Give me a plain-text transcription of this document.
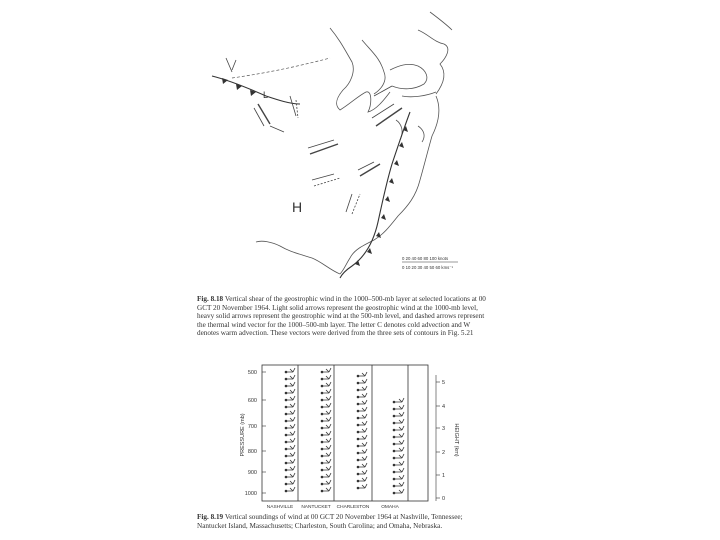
H
L
0 20 40 60 80 100 knots
0 10 20 30 40 50 60 kms⁻¹
Fig. 8.18 Vertical shear of the geostrophic wind in the 1000–500-mb layer at selected locations at 00 GCT 20 November 1964. Light solid arrows represent the geostrophic wind at the 1000-mb level, heavy solid arrows represent the geostrophic wind at the 500-mb level, and dashed arrows represent the thermal wind vector for the 1000–500-mb layer. The letter C denotes cold advection and W denotes warm advection. These vectors were derived from the three sets of contours in Fig. 5.21
500
600
700
800
900
1000
PRESSURE (mb)
0
1
2
3
4
5
HEIGHT (km)
NASHVILLE NANTUCKET CHARLESTON OMAHA
Fig. 8.19 Vertical soundings of wind at 00 GCT 20 November 1964 at Nashville, Tennessee; Nantucket Island, Massachusetts; Charleston, South Carolina; and Omaha, Nebraska.
